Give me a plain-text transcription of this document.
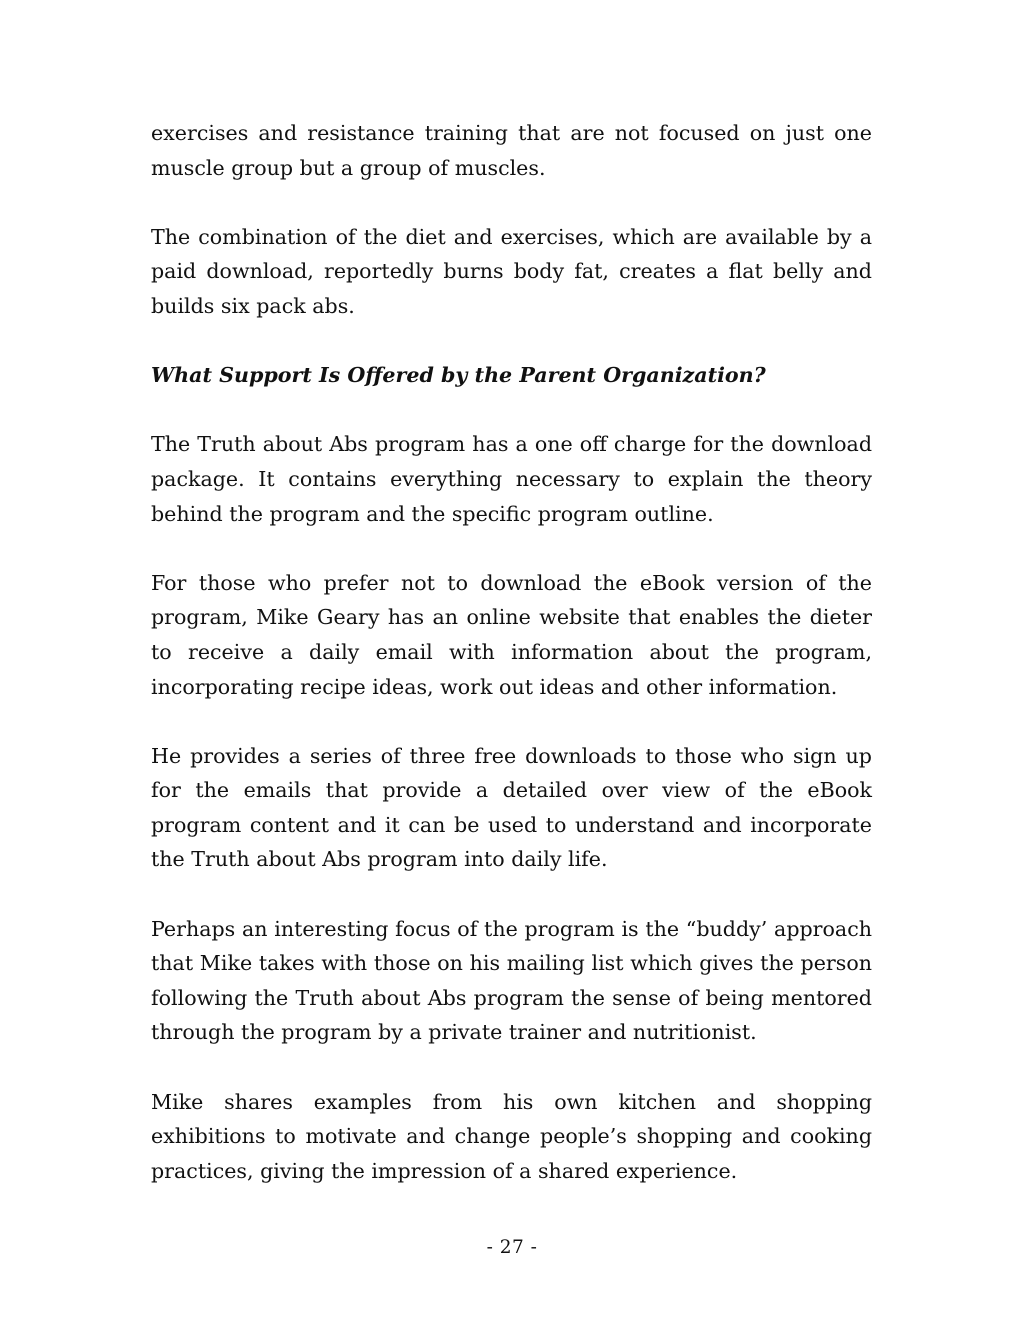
exercises and resistance training that are not focused on just one muscle group but a group of muscles.

The combination of the diet and exercises, which are available by a paid download, reportedly burns body fat, creates a flat belly and builds six pack abs.

What Support Is Offered by the Parent Organization?

The Truth about Abs program has a one off charge for the download package. It contains everything necessary to explain the theory behind the program and the specific program outline.

For those who prefer not to download the eBook version of the program, Mike Geary has an online website that enables the dieter to receive a daily email with information about the program, incorporating recipe ideas, work out ideas and other information.

He provides a series of three free downloads to those who sign up for the emails that provide a detailed over view of the eBook program content and it can be used to understand and incorporate the Truth about Abs program into daily life.

Perhaps an interesting focus of the program is the “buddy’ approach that Mike takes with those on his mailing list which gives the person following the Truth about Abs program the sense of being mentored through the program by a private trainer and nutritionist.

Mike shares examples from his own kitchen and shopping exhibitions to motivate and change people’s shopping and cooking practices, giving the impression of a shared experience.

- 27 -
